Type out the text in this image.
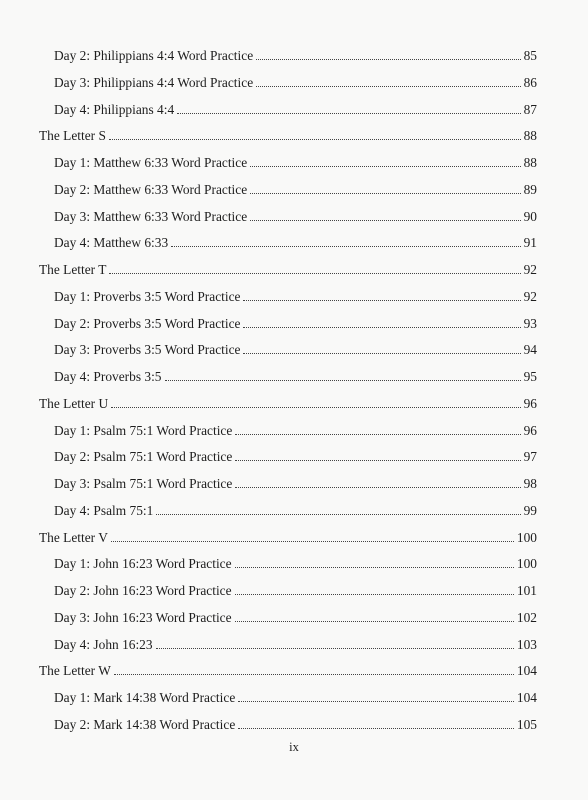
Day 2: Philippians 4:4 Word Practice	85
Day 3: Philippians 4:4 Word Practice	86
Day 4: Philippians 4:4	87
The Letter S	88
Day 1: Matthew 6:33 Word Practice	88
Day 2: Matthew 6:33 Word Practice	89
Day 3: Matthew 6:33 Word Practice	90
Day 4: Matthew 6:33	91
The Letter T	92
Day 1: Proverbs 3:5 Word Practice	92
Day 2: Proverbs 3:5 Word Practice	93
Day 3: Proverbs 3:5 Word Practice	94
Day 4: Proverbs 3:5	95
The Letter U	96
Day 1: Psalm 75:1 Word Practice	96
Day 2: Psalm 75:1 Word Practice	97
Day 3: Psalm 75:1 Word Practice	98
Day 4: Psalm 75:1	99
The Letter V	100
Day 1: John 16:23 Word Practice	100
Day 2: John 16:23 Word Practice	101
Day 3: John 16:23 Word Practice	102
Day 4: John 16:23	103
The Letter W	104
Day 1: Mark 14:38 Word Practice	104
Day 2: Mark 14:38 Word Practice	105
ix
